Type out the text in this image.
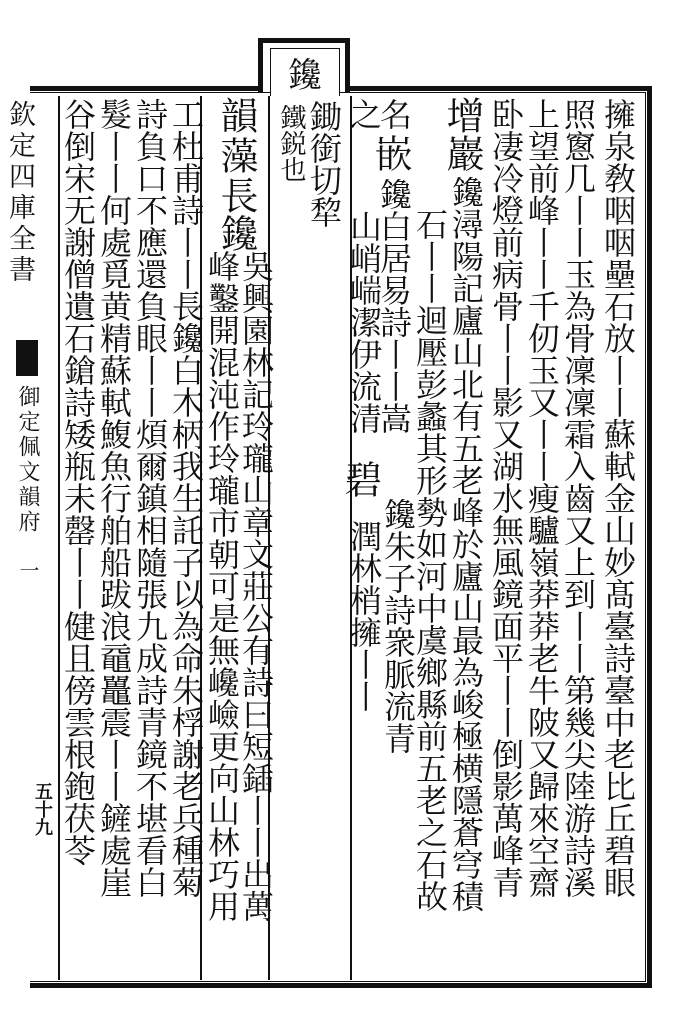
鑱
欽定四庫全書
御定佩文韻府
一
五十九	擁泉敎咽咽壘石放丨丨蘇軾金山妙髙臺詩臺中老比丘碧眼
照窻几丨丨玉為骨凜凜霜入齒又上到丨丨第幾尖陸游詩溪
上望前峰丨丨千仞玉又丨丨瘦驢嶺莽莽老牛陂又歸來空齋
卧凄冷燈前病骨丨丨影又湖水無風鏡面平丨丨倒影萬峰青
增
巖
鑱潯陽記廬山北有五老峰於廬山最為峻極横隱蒼穹積
石丨丨迴壓彭蠡其形勢如河中虞鄉縣前五老之石故
名
嵌
鑱白居易詩丨丨嵩
之
山峭㟨潔伊流清
碧
鑱朱子詩衆脈流青
潤林梢擁丨丨
鋤銜切犂
鐵鋭也
韻
藻
長鑱
吳興園林記玲瓏山章文莊公有詩曰短鍤丨丨出萬
峰鑿開混沌作玲瓏市朝可是無巉嶮更向山林巧用
工杜甫詩丨丨長鑱白木柄我生託子以為命朱桴謝老兵種菊
詩負口不應還負眼丨丨煩爾鎮相隨張九成詩青鏡不堪看白
髮丨丨何處覓黄精蘇軾鰒魚行舶船跋浪黿鼉震丨丨鏟處崖
谷倒宋无謝僧遺石鎗詩矮瓶未罄丨丨健且傍雲根鉋茯苓
